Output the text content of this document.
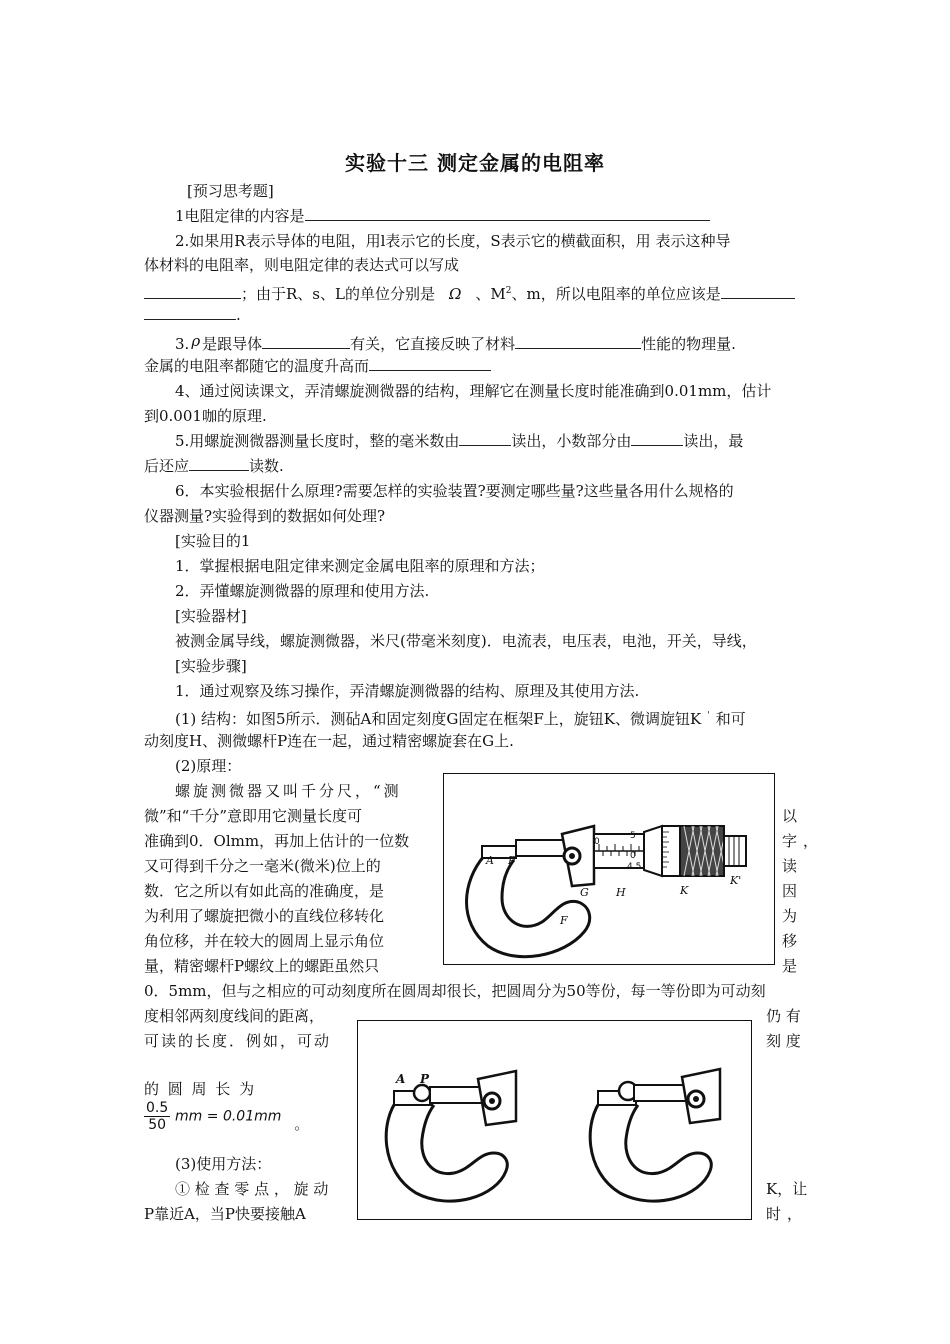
实验十三 测定金属的电阻率
[预习思考题]
1电阻定律的内容是
2.如果用R表示导体的电阻，用l表示它的长度，S表示它的横截面积，用 表示这种导
体材料的电阻率，则电阻定律的表达式可以写成
；由于R、s、L的单位分别是 Ω 、$M^2$、m，所以电阻率的单位应该是
.
3. ρ 是跟导体	有关，它直接反映了材料	性能的物理量.
金属的电阻率都随它的温度升高而
4、通过阅读课文，弄清螺旋测微器的结构，理解它在测量长度时能准确到0.01mm，估计
到0.001咖的原理.
5.用螺旋测微器测量长度时，整的毫米数由	读出，小数部分由	读出，最
后还应	读数.
6．本实验根据什么原理?需要怎样的实验装置?要测定哪些量?这些量各用什么规格的
仪器测量?实验得到的数据如何处理?
[实验目的1
1．掌握根据电阻定律来测定金属电阻率的原理和方法；
2．弄懂螺旋测微器的原理和使用方法.
[实验器材]
被测金属导线，螺旋测微器，米尺(带毫米刻度)．电流表，电压表，电池，开关，导线，
[实验步骤]
1．通过观察及练习操作，弄清螺旋测微器的结构、原理及其使用方法.
(1) 结构：如图5所示．测砧A和固定刻度G固定在框架F上，旋钮K、微调旋钮K ' 和可
动刻度H、测微螺杆P连在一起，通过精密螺旋套在G上.
(2)原理：
螺旋测微器又叫千分尺，“测
微”和“千分”意即用它测量长度可
准确到0．Olmm，再加上估计的一位数
又可得到千分之一毫米(微米)位上的
数．它之所以有如此高的准确度，是
为利用了螺旋把微小的直线位移转化
角位移，并在较大的圆周上显示角位
量，精密螺杆P螺纹上的螺距虽然只
以
字，
读
因
为
移
是
0．5mm，但与之相应的可动刻度所在圆周却很长，把圆周分为50等份，每一等份即为可动刻
度相邻两刻度线间的距离，	仍 有
可读的长度．例如，可动	刻 度
的 圆 周 长 为
$\frac{0.5}{50}$ mm = 0.01mm 。
(3)使用方法：
① 检 查 零 点 ， 旋 动	K，让
P靠近A，当P快要接触A	时，
A P
G H	K
K'
F
5
0
0
4.5
A P
